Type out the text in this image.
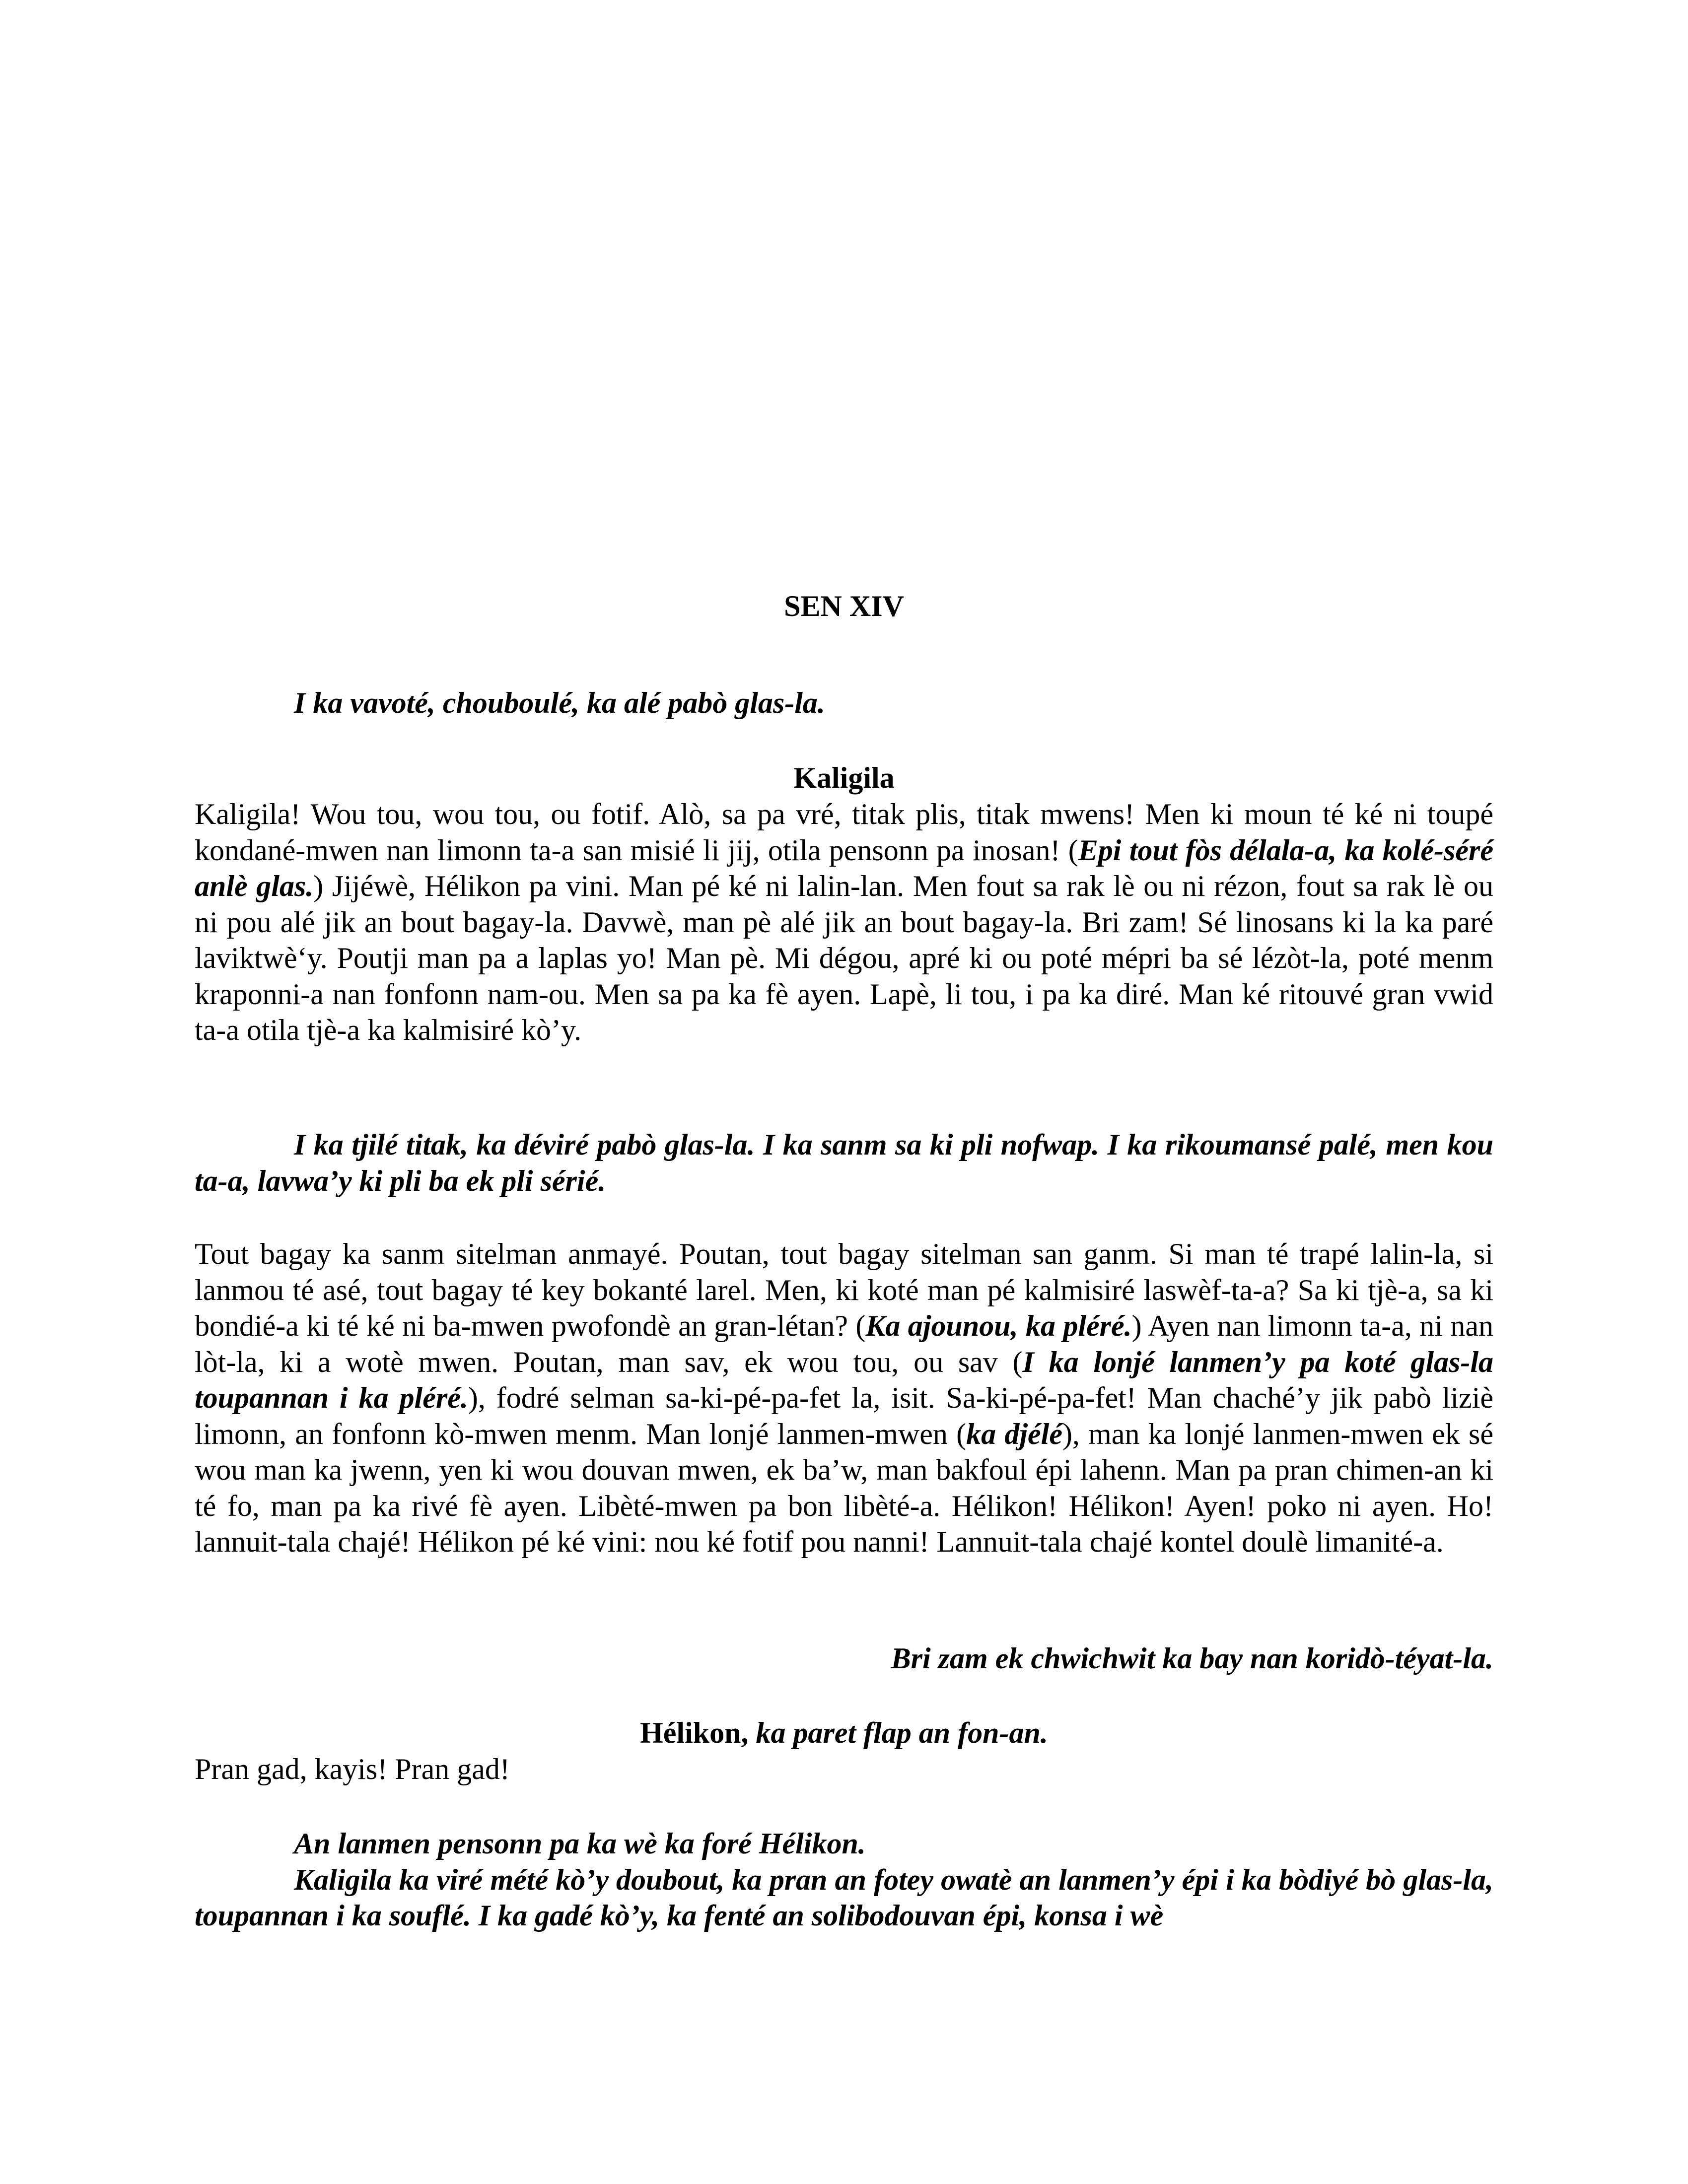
SEN XIV

I ka vavoté, chouboulé, ka alé pabò glas-la.

Kaligila

Kaligila! Wou tou, wou tou, ou fotif. Alò, sa pa vré, titak plis, titak mwens! Men ki moun té ké ni toupé kondané-mwen nan limonn ta-a san misié li jij, otila pensonn pa inosan! (Epi tout fòs délala-a, ka kolé-séré anlè glas.) Jijéwè, Hélikon pa vini. Man pé ké ni lalin-lan. Men fout sa rak lè ou ni rézon, fout sa rak lè ou ni pou alé jik an bout bagay-la. Davwè, man pè alé jik an bout bagay-la. Bri zam! Sé linosans ki la ka paré laviktwè‘y. Poutji man pa a laplas yo! Man pè. Mi dégou, apré ki ou poté mépri ba sé lézòt-la, poté menm kraponni-a nan fonfonn nam-ou. Men sa pa ka fè ayen. Lapè, li tou, i pa ka diré. Man ké ritouvé gran vwid ta-a otila tjè-a ka kalmisiré kò’y.

I ka tjilé titak, ka déviré pabò glas-la. I ka sanm sa ki pli nofwap. I ka rikoumansé palé, men kou ta-a, lavwa’y ki pli ba ek pli sérié.

Tout bagay ka sanm sitelman anmayé. Poutan, tout bagay sitelman san ganm. Si man té trapé lalin-la, si lanmou té asé, tout bagay té key bokanté larel. Men, ki koté man pé kalmisiré laswèf-ta-a? Sa ki tjè-a, sa ki bondié-a ki té ké ni ba-mwen pwofondè an gran-létan? (Ka ajounou, ka pléré.) Ayen nan limonn ta-a, ni nan lòt-la, ki a wotè mwen. Poutan, man sav, ek wou tou, ou sav (I ka lonjé lanmen’y pa koté glas-la toupannan i ka pléré.), fodré selman sa-ki-pé-pa-fet la, isit. Sa-ki-pé-pa-fet! Man chaché’y jik pabò liziè limonn, an fonfonn kò-mwen menm. Man lonjé lanmen-mwen (ka djélé), man ka lonjé lanmen-mwen ek sé wou man ka jwenn, yen ki wou douvan mwen, ek ba’w, man bakfoul épi lahenn. Man pa pran chimen-an ki té fo, man pa ka rivé fè ayen. Libèté-mwen pa bon libèté-a. Hélikon! Hélikon! Ayen! poko ni ayen. Ho! lannuit-tala chajé! Hélikon pé ké vini: nou ké fotif pou nanni! Lannuit-tala chajé kontel doulè limanité-a.

Bri zam ek chwichwit ka bay nan koridò-téyat-la.

Hélikon, ka paret flap an fon-an.

Pran gad, kayis! Pran gad!

An lanmen pensonn pa ka wè ka foré Hélikon.

Kaligila ka viré mété kò’y doubout, ka pran an fotey owatè an lanmen’y épi i ka bòdiyé bò glas-la, toupannan i ka souflé. I ka gadé kò’y, ka fenté an solibodouvan épi, konsa i wè
